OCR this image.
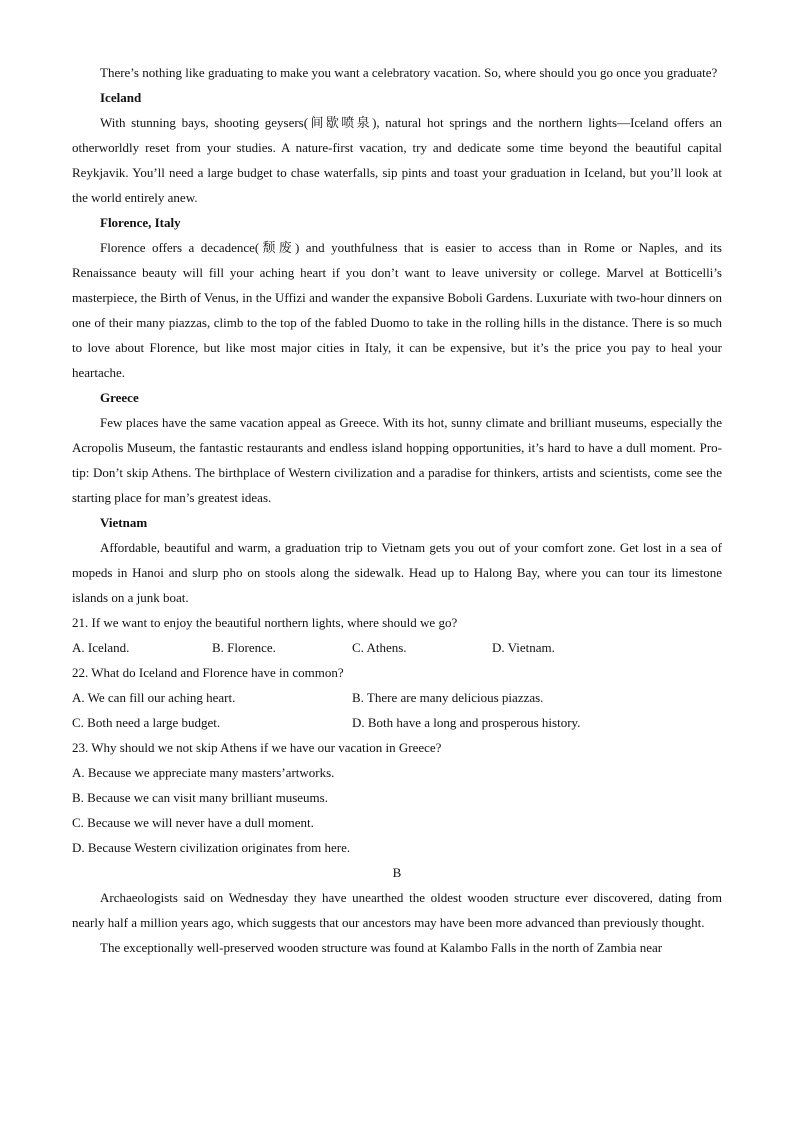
There’s nothing like graduating to make you want a celebratory vacation. So, where should you go once you graduate?

Iceland

With stunning bays, shooting geysers(间歇喷泉), natural hot springs and the northern lights—Iceland offers an otherworldly reset from your studies. A nature-first vacation, try and dedicate some time beyond the beautiful capital Reykjavik. You’ll need a large budget to chase waterfalls, sip pints and toast your graduation in Iceland, but you’ll look at the world entirely anew.

Florence, Italy

Florence offers a decadence(颓废) and youthfulness that is easier to access than in Rome or Naples, and its Renaissance beauty will fill your aching heart if you don’t want to leave university or college. Marvel at Botticelli’s masterpiece, the Birth of Venus, in the Uffizi and wander the expansive Boboli Gardens. Luxuriate with two-hour dinners on one of their many piazzas, climb to the top of the fabled Duomo to take in the rolling hills in the distance. There is so much to love about Florence, but like most major cities in Italy, it can be expensive, but it’s the price you pay to heal your heartache.

Greece

Few places have the same vacation appeal as Greece. With its hot, sunny climate and brilliant museums, especially the Acropolis Museum, the fantastic restaurants and endless island hopping opportunities, it’s hard to have a dull moment. Pro-tip: Don’t skip Athens. The birthplace of Western civilization and a paradise for thinkers, artists and scientists, come see the starting place for man’s greatest ideas.

Vietnam

Affordable, beautiful and warm, a graduation trip to Vietnam gets you out of your comfort zone. Get lost in a sea of mopeds in Hanoi and slurp pho on stools along the sidewalk. Head up to Halong Bay, where you can tour its limestone islands on a junk boat.

21. If we want to enjoy the beautiful northern lights, where should we go?

A. Iceland.	B. Florence.	C. Athens.	D. Vietnam.

22. What do Iceland and Florence have in common?

A. We can fill our aching heart.	B. There are many delicious piazzas.
C. Both need a large budget.	D. Both have a long and prosperous history.

23. Why should we not skip Athens if we have our vacation in Greece?

A. Because we appreciate many masters’artworks.

B. Because we can visit many brilliant museums.

C. Because we will never have a dull moment.

D. Because Western civilization originates from here.

B

Archaeologists said on Wednesday they have unearthed the oldest wooden structure ever discovered, dating from nearly half a million years ago, which suggests that our ancestors may have been more advanced than previously thought.

The exceptionally well-preserved wooden structure was found at Kalambo Falls in the north of Zambia near
